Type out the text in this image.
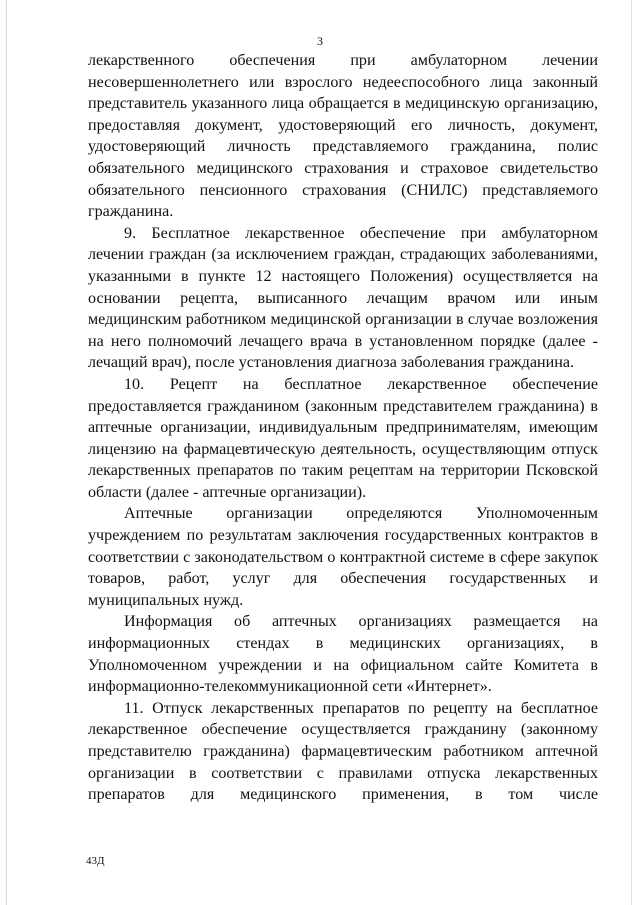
3

лекарственного обеспечения при амбулаторном лечении несовершеннолетнего или взрослого недееспособного лица законный представитель указанного лица обращается в медицинскую организацию, предоставляя документ, удостоверяющий его личность, документ, удостоверяющий личность представляемого гражданина, полис обязательного медицинского страхования и страховое свидетельство обязательного пенсионного страхования (СНИЛС) представляемого гражданина.

9. Бесплатное лекарственное обеспечение при амбулаторном лечении граждан (за исключением граждан, страдающих заболеваниями, указанными в пункте 12 настоящего Положения) осуществляется на основании рецепта, выписанного лечащим врачом или иным медицинским работником медицинской организации в случае возложения на него полномочий лечащего врача в установленном порядке (далее - лечащий врач), после установления диагноза заболевания гражданина.

10. Рецепт на бесплатное лекарственное обеспечение предоставляется гражданином (законным представителем гражданина) в аптечные организации, индивидуальным предпринимателям, имеющим лицензию на фармацевтическую деятельность, осуществляющим отпуск лекарственных препаратов по таким рецептам на территории Псковской области (далее - аптечные организации).

Аптечные организации определяются Уполномоченным учреждением по результатам заключения государственных контрактов в соответствии с законодательством о контрактной системе в сфере закупок товаров, работ, услуг для обеспечения государственных и муниципальных нужд.

Информация об аптечных организациях размещается на информационных стендах в медицинских организациях, в Уполномоченном учреждении и на официальном сайте Комитета в информационно-телекоммуникационной сети «Интернет».

11. Отпуск лекарственных препаратов по рецепту на бесплатное лекарственное обеспечение осуществляется гражданину (законному представителю гражданина) фармацевтическим работником аптечной организации в соответствии с правилами отпуска лекарственных препаратов для медицинского применения, в том числе

43Д
